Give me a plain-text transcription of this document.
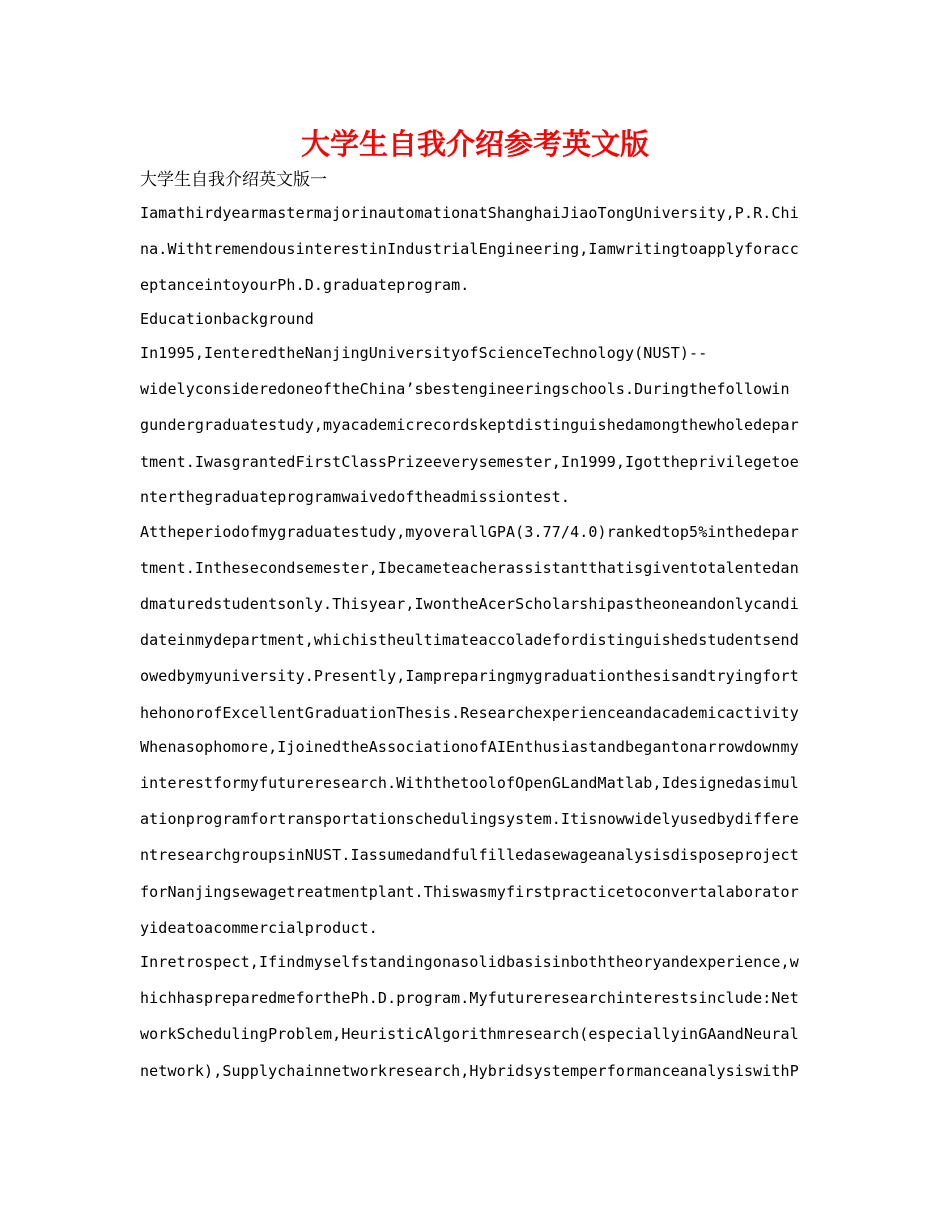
大学生自我介绍参考英文版

大学生自我介绍英文版一

IamathirdyearmastermajorinautomationatShanghaiJiaoTongUniversity,P.R.Chi

na.WithtremendousinterestinIndustrialEngineering,Iamwritingtoapplyforacc

eptanceintoyourPh.D.graduateprogram.

Educationbackground

In1995,IenteredtheNanjingUniversityofScienceTechnology(NUST)--

widelyconsideredoneoftheChina’sbestengineeringschools.Duringthefollowin

gundergraduatestudy,myacademicrecordskeptdistinguishedamongthewholedepar

tment.IwasgrantedFirstClassPrizeeverysemester,In1999,Igottheprivilegetoe

nterthegraduateprogramwaivedoftheadmissiontest.

Attheperiodofmygraduatestudy,myoverallGPA(3.77/4.0)rankedtop5%inthedepar

tment.Inthesecondsemester,Ibecameteacherassistantthatisgiventotalentedan

dmaturedstudentsonly.Thisyear,IwontheAcerScholarshipastheoneandonlycandi

dateinmydepartment,whichistheultimateaccoladefordistinguishedstudentsend

owedbymyuniversity.Presently,Iampreparingmygraduationthesisandtryingfort

hehonorofExcellentGraduationThesis.Researchexperienceandacademicactivity

Whenasophomore,IjoinedtheAssociationofAIEnthusiastandbegantonarrowdownmy

interestformyfutureresearch.WiththetoolofOpenGLandMatlab,Idesignedasimul

ationprogramfortransportationschedulingsystem.Itisnowwidelyusedbydiffere

ntresearchgroupsinNUST.Iassumedandfulfilledasewageanalysisdisposeproject

forNanjingsewagetreatmentplant.Thiswasmyfirstpracticetoconvertalaborator

yideatoacommercialproduct.

Inretrospect,Ifindmyselfstandingonasolidbasisinboththeoryandexperience,w

hichhaspreparedmeforthePh.D.program.Myfutureresearchinterestsinclude:Net

workSchedulingProblem,HeuristicAlgorithmresearch(especiallyinGAandNeural

network),Supplychainnetworkresearch,HybridsystemperformanceanalysiswithP
